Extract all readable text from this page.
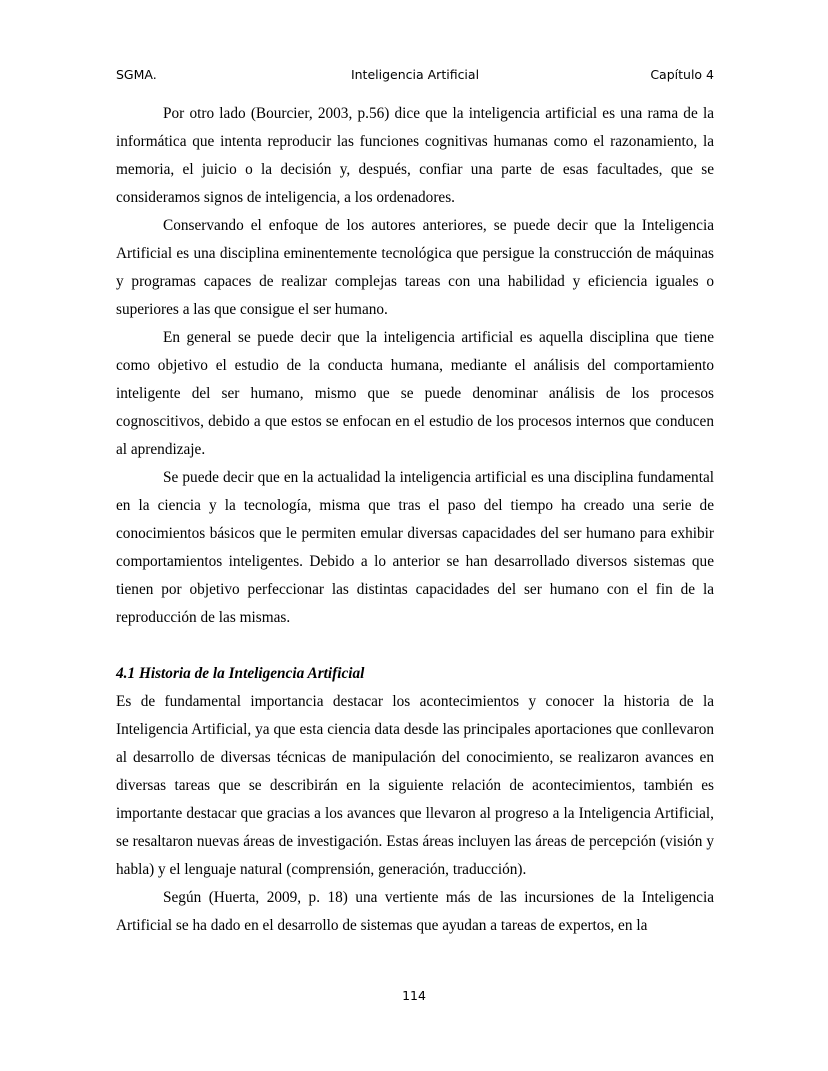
SGMA.	Inteligencia Artificial	Capítulo 4

Por otro lado (Bourcier, 2003, p.56) dice que la inteligencia artificial es una rama de la informática que intenta reproducir las funciones cognitivas humanas como el razonamiento, la memoria, el juicio o la decisión y, después, confiar una parte de esas facultades, que se consideramos signos de inteligencia, a los ordenadores.

Conservando el enfoque de los autores anteriores, se puede decir que la Inteligencia Artificial es una disciplina eminentemente tecnológica que persigue la construcción de máquinas y programas capaces de realizar complejas tareas con una habilidad y eficiencia iguales o superiores a las que consigue el ser humano.

En general se puede decir que la inteligencia artificial es aquella disciplina que tiene como objetivo el estudio de la conducta humana, mediante el análisis del comportamiento inteligente del ser humano, mismo que se puede denominar análisis de los procesos cognoscitivos, debido a que estos se enfocan en el estudio de los procesos internos que conducen al aprendizaje.

Se puede decir que en la actualidad la inteligencia artificial es una disciplina fundamental en la ciencia y la tecnología, misma que tras el paso del tiempo ha creado una serie de conocimientos básicos que le permiten emular diversas capacidades del ser humano para exhibir comportamientos inteligentes. Debido a lo anterior se han desarrollado diversos sistemas que tienen por objetivo perfeccionar las distintas capacidades del ser humano con el fin de la reproducción de las mismas.

4.1 Historia de la Inteligencia Artificial

Es de fundamental importancia destacar los acontecimientos y conocer la historia de la Inteligencia Artificial, ya que esta ciencia data desde las principales aportaciones que conllevaron al desarrollo de diversas técnicas de manipulación del conocimiento, se realizaron avances en diversas tareas que se describirán en la siguiente relación de acontecimientos, también es importante destacar que gracias a los avances que llevaron al progreso a la Inteligencia Artificial, se resaltaron nuevas áreas de investigación. Estas áreas incluyen las áreas de percepción (visión y habla) y el lenguaje natural (comprensión, generación, traducción).

Según (Huerta, 2009, p. 18) una vertiente más de las incursiones de la Inteligencia Artificial se ha dado en el desarrollo de sistemas que ayudan a tareas de expertos, en la

114
